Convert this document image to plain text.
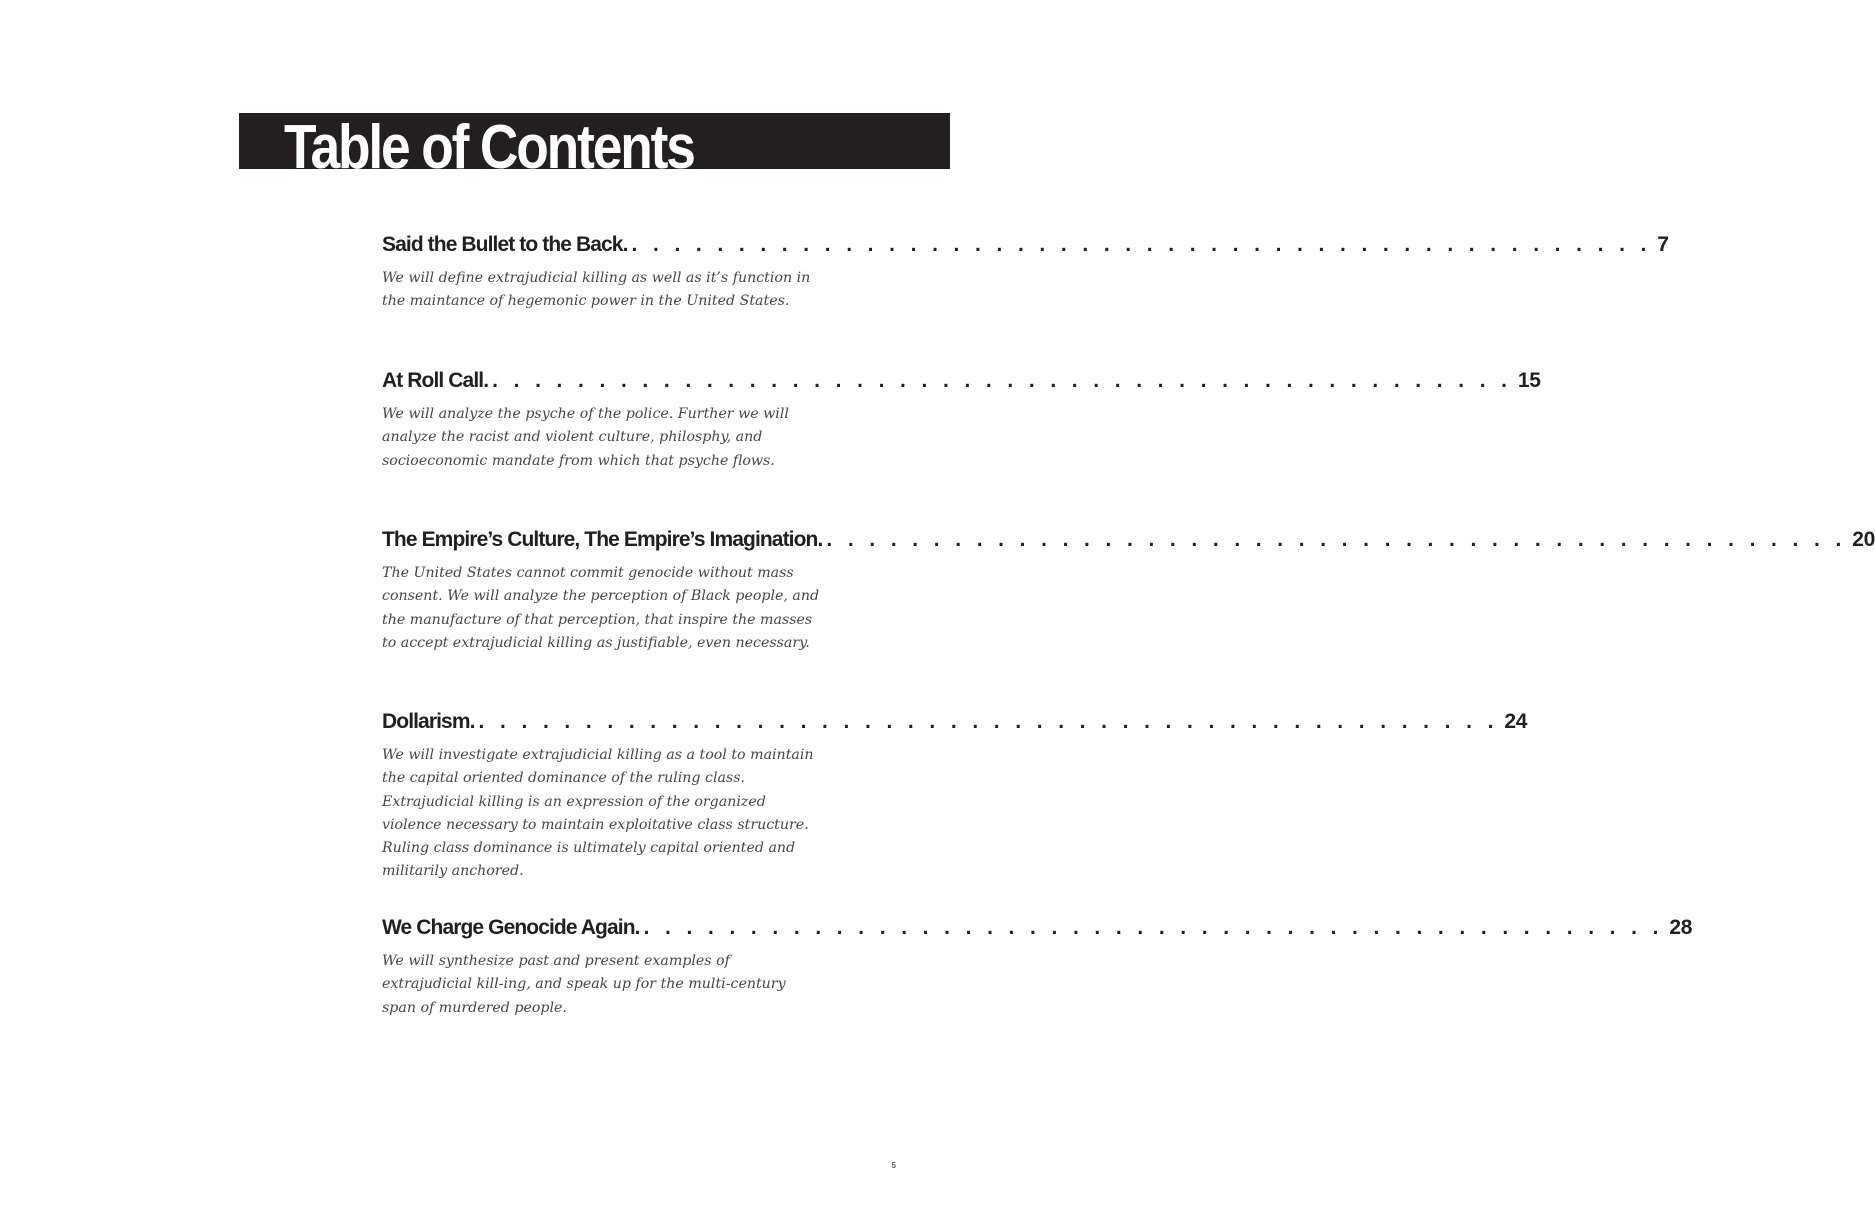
Table of Contents
Said the Bullet to the Back. . . . . . . . . . . . . . . . . . . . . . . . . . . . . . . . . . . . . . . . . . . . . . . . . 7

We will define extrajudicial killing as well as it’s function in the maintance of hegemonic power in the United States.

At Roll Call. . . . . . . . . . . . . . . . . . . . . . . . . . . . . . . . . . . . . . . . . . . . . . . . . 15

We will analyze the psyche of the police. Further we will analyze the racist and violent culture, philosphy, and socioeconomic mandate from which that psyche flows.

The Empire’s Culture, The Empire’s Imagination. . . . . . . . . . . . . . . . . . . . . . . . . . . . . . . . . . . . . . . . . . . . . . . . . 20

The United States cannot commit genocide without mass consent. We will analyze the perception of Black people, and the manufacture of that perception, that inspire the masses to accept extrajudicial killing as justifiable, even necessary.

Dollarism. . . . . . . . . . . . . . . . . . . . . . . . . . . . . . . . . . . . . . . . . . . . . . . . . 24

We will investigate extrajudicial killing as a tool to maintain the capital oriented dominance of the ruling class. Extrajudicial killing is an expression of the organized violence necessary to maintain exploitative class structure. Ruling class dominance is ultimately capital oriented and militarily anchored.

We Charge Genocide Again. . . . . . . . . . . . . . . . . . . . . . . . . . . . . . . . . . . . . . . . . . . . . . . . . 28

We will synthesize past and present examples of extrajudicial kill-ing, and speak up for the multi-century span of murdered people.

5
